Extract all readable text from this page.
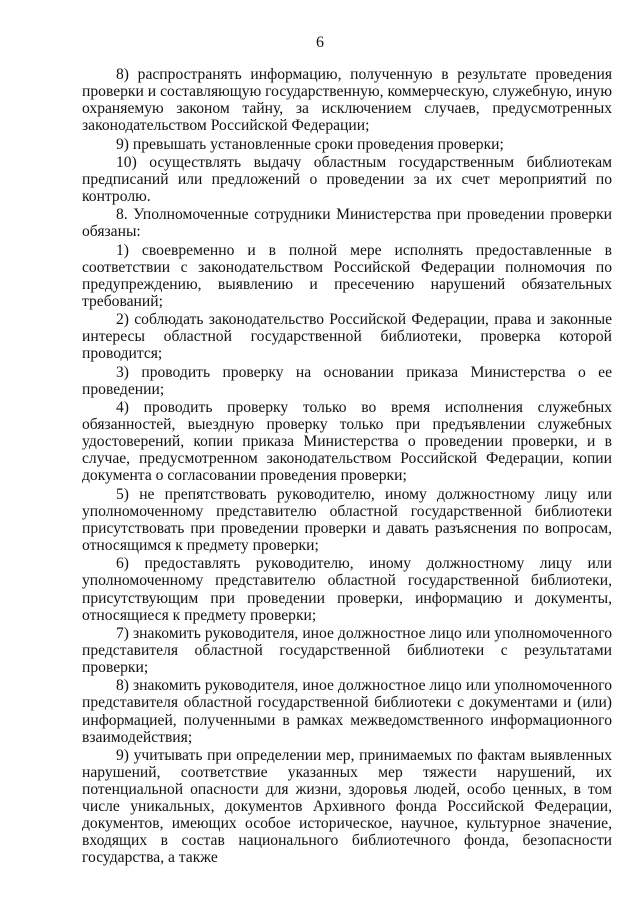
6

8) распространять информацию, полученную в результате проведения проверки и составляющую государственную, коммерческую, служебную, иную охраняемую законом тайну, за исключением случаев, предусмотренных законодательством Российской Федерации;

9) превышать установленные сроки проведения проверки;

10) осуществлять выдачу областным государственным библиотекам предписаний или предложений о проведении за их счет мероприятий по контролю.

8. Уполномоченные сотрудники Министерства при проведении проверки обязаны:

1) своевременно и в полной мере исполнять предоставленные в соответствии с законодательством Российской Федерации полномочия по предупреждению, выявлению и пресечению нарушений обязательных требований;

2) соблюдать законодательство Российской Федерации, права и законные интересы областной государственной библиотеки, проверка которой проводится;

3) проводить проверку на основании приказа Министерства о ее проведении;

4) проводить проверку только во время исполнения служебных обязанностей, выездную проверку только при предъявлении служебных удостоверений, копии приказа Министерства о проведении проверки, и в случае, предусмотренном законодательством Российской Федерации, копии документа о согласовании проведения проверки;

5) не препятствовать руководителю, иному должностному лицу или уполномоченному представителю областной государственной библиотеки присутствовать при проведении проверки и давать разъяснения по вопросам, относящимся к предмету проверки;

6) предоставлять руководителю, иному должностному лицу или уполномоченному представителю областной государственной библиотеки, присутствующим при проведении проверки, информацию и документы, относящиеся к предмету проверки;

7) знакомить руководителя, иное должностное лицо или уполномоченного представителя областной государственной библиотеки с результатами проверки;

8) знакомить руководителя, иное должностное лицо или уполномоченного представителя областной государственной библиотеки с документами и (или) информацией, полученными в рамках межведомственного информационного взаимодействия;

9) учитывать при определении мер, принимаемых по фактам выявленных нарушений, соответствие указанных мер тяжести нарушений, их потенциальной опасности для жизни, здоровья людей, особо ценных, в том числе уникальных, документов Архивного фонда Российской Федерации, документов, имеющих особое историческое, научное, культурное значение, входящих в состав национального библиотечного фонда, безопасности государства, а также
